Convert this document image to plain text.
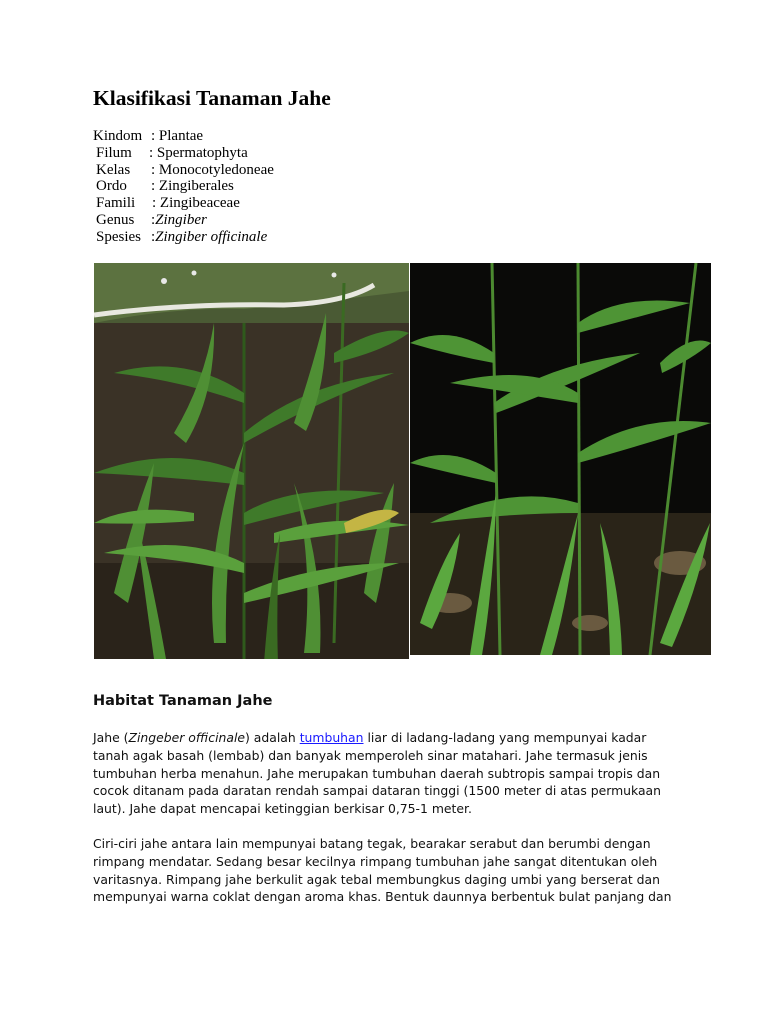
Klasifikasi Tanaman Jahe
Kindom : Plantae
Filum	: Spermatophyta
Kelas	: Monocotyledoneae
Ordo	: Zingiberales
Famili	: Zingibeaceae
Genus	: Zingiber
Spesies : Zingiber officinale
Habitat Tanaman Jahe

Jahe (Zingeber officinale) adalah tumbuhan liar di ladang-ladang yang mempunyai kadar
tanah agak basah (lembab) dan banyak memperoleh sinar matahari. Jahe termasuk jenis
tumbuhan herba menahun. Jahe merupakan tumbuhan daerah subtropis sampai tropis dan
cocok ditanam pada daratan rendah sampai dataran tinggi (1500 meter di atas permukaan
laut). Jahe dapat mencapai ketinggian berkisar 0,75-1 meter.

Ciri-ciri jahe antara lain mempunyai batang tegak, bearakar serabut dan berumbi dengan
rimpang mendatar. Sedang besar kecilnya rimpang tumbuhan jahe sangat ditentukan oleh
varitasnya. Rimpang jahe berkulit agak tebal membungkus daging umbi yang berserat dan
mempunyai warna coklat dengan aroma khas. Bentuk daunnya berbentuk bulat panjang dan
